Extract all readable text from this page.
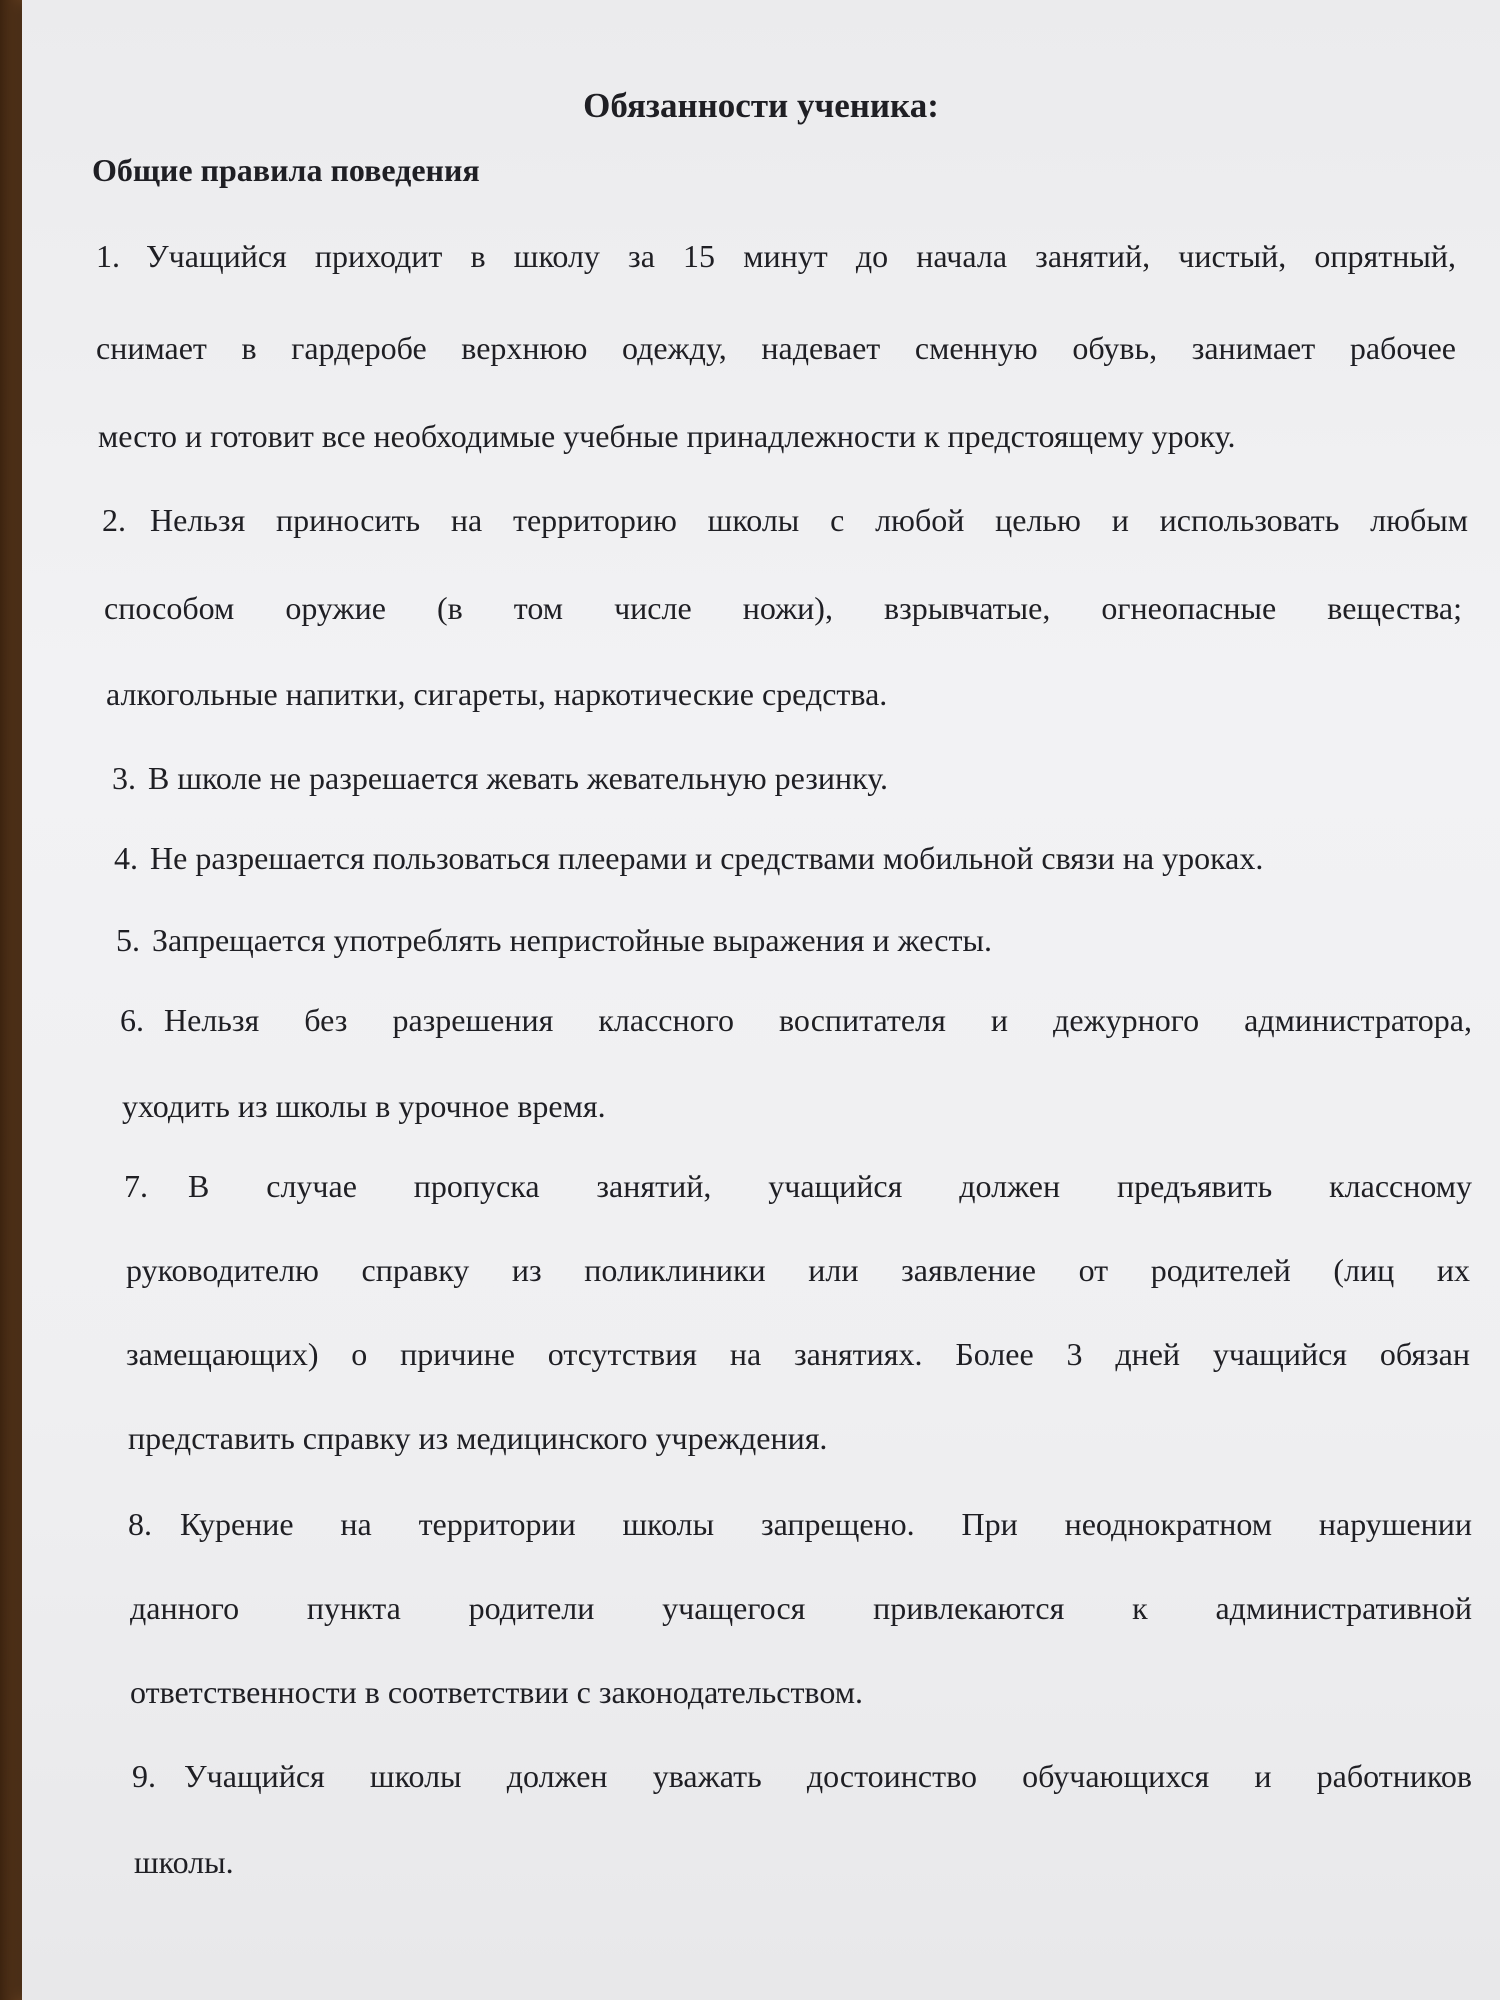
Обязанности ученика:
Общие правила поведения
1. Учащийся приходит в школу за 15 минут до начала занятий, чистый, опрятный,
снимает в гардеробе верхнюю одежду, надевает сменную обувь, занимает рабочее
место и готовит все необходимые учебные принадлежности к предстоящему уроку.
2. Нельзя приносить на территорию школы с любой целью и использовать любым
способом оружие (в том числе ножи), взрывчатые, огнеопасные вещества;
алкогольные напитки, сигареты, наркотические средства.
3. В школе не разрешается жевать жевательную резинку.
4. Не разрешается пользоваться плеерами и средствами мобильной связи на уроках.
5. Запрещается употреблять непристойные выражения и жесты.
6. Нельзя без разрешения классного воспитателя и дежурного администратора,
уходить из школы в урочное время.
7. В случае пропуска занятий, учащийся должен предъявить классному
руководителю справку из поликлиники или заявление от родителей (лиц их
замещающих) о причине отсутствия на занятиях. Более 3 дней учащийся обязан
представить справку из медицинского учреждения.
8. Курение на территории школы запрещено. При неоднократном нарушении
данного пункта родители учащегося привлекаются к административной
ответственности в соответствии с законодательством.
9. Учащийся школы должен уважать достоинство обучающихся и работников
школы.
